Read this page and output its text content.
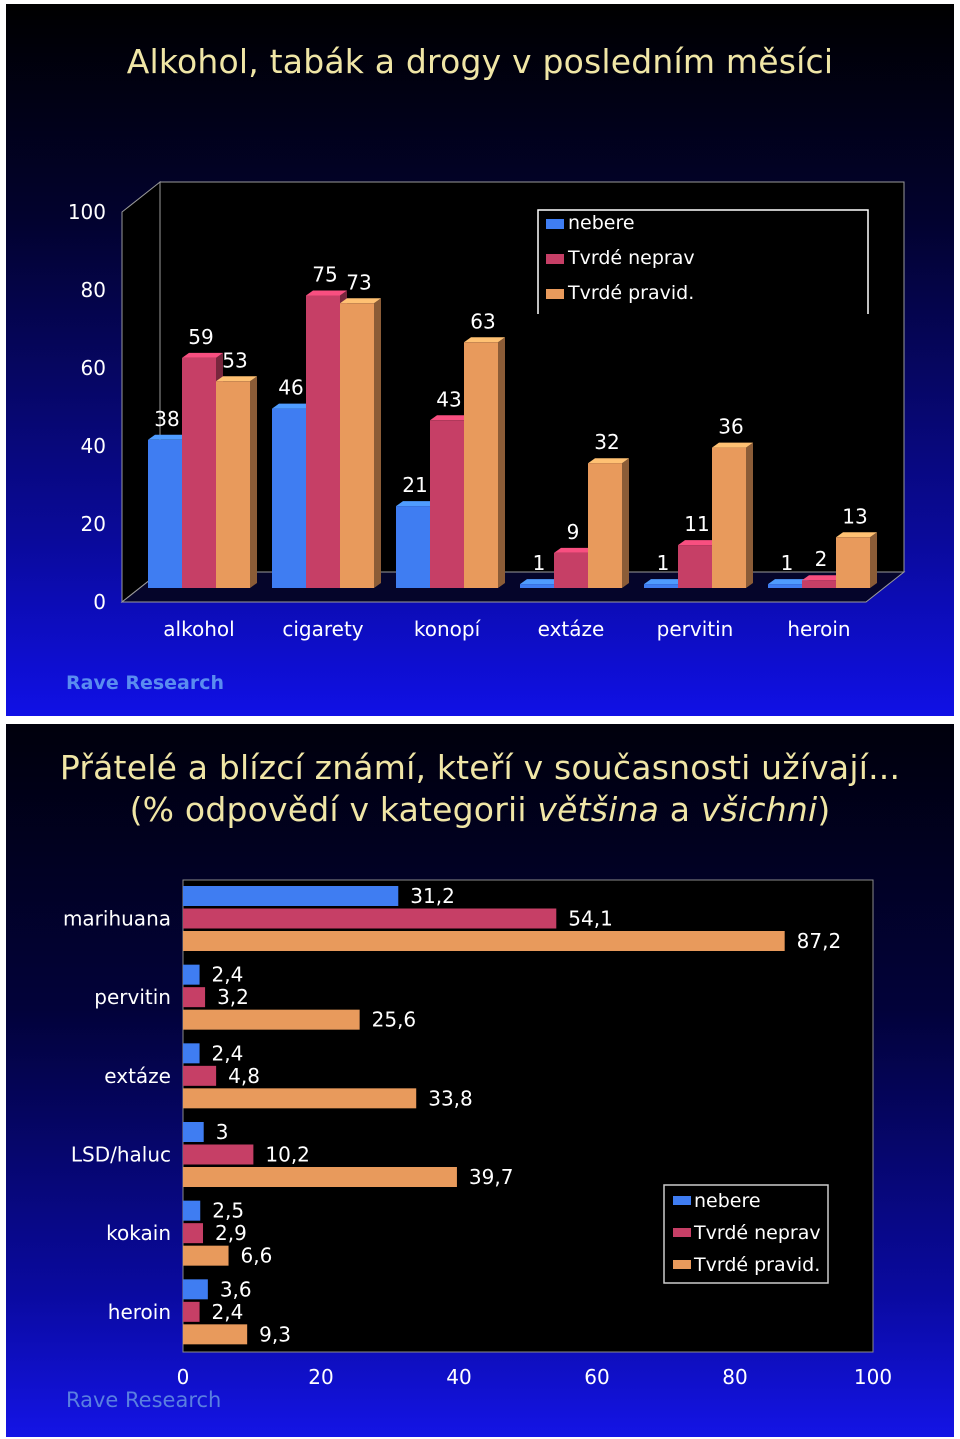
Alkohol, tabák a drogy v posledním měsíci
0
20
40
60
80
100
38
59
53
alkohol
46
75 73
cigarety
21
43
63
konopí
1
9
32
extáze
1
11
36
pervitin
1 2
13
heroin
nebere
Tvrdé neprav
Tvrdé pravid.
Rave Research
Přátelé a blízcí známí, kteří v současnosti užívají...
(% odpovědí v kategorii většina a všichni)
31,2
54,1
87,2
marihuana
2,4
3,2
25,6
pervitin
2,4
4,8
33,8
extáze
3
10,2
39,7
LSD/haluc
2,5
2,9
6,6
kokain
3,6
2,4
9,3
heroin
0	20	40	60	80	100
nebere
Tvrdé neprav
Tvrdé pravid.
Rave Research
